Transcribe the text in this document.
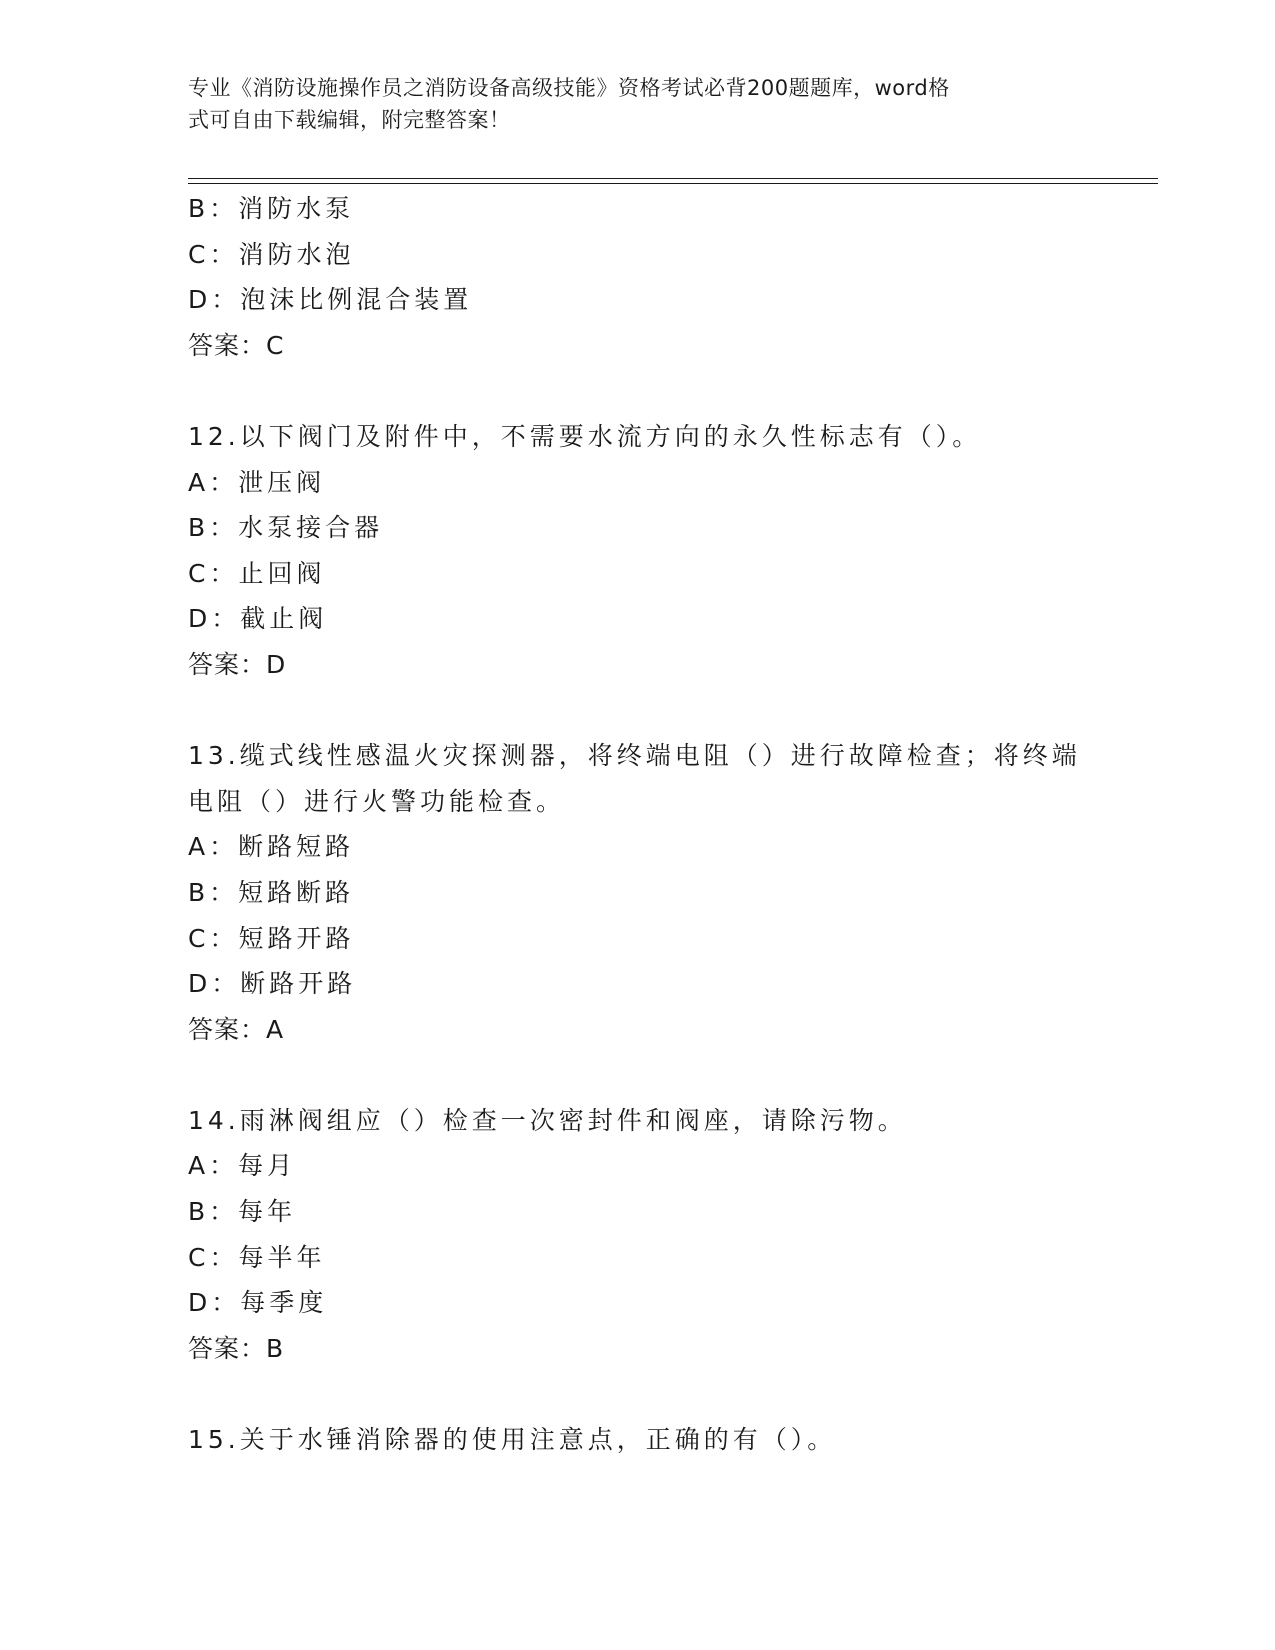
专业《消防设施操作员之消防设备高级技能》资格考试必背200题题库，word格
式可自由下载编辑，附完整答案！
B：消防水泵
C：消防水泡
D：泡沫比例混合装置
答案：C
12.以下阀门及附件中，不需要水流方向的永久性标志有（）。
A：泄压阀
B：水泵接合器
C：止回阀
D：截止阀
答案：D
13.缆式线性感温火灾探测器，将终端电阻（）进行故障检查；将终端
电阻（）进行火警功能检查。
A：断路短路
B：短路断路
C：短路开路
D：断路开路
答案：A
14.雨淋阀组应（）检查一次密封件和阀座，请除污物。
A：每月
B：每年
C：每半年
D：每季度
答案：B
15.关于水锤消除器的使用注意点，正确的有（）。
